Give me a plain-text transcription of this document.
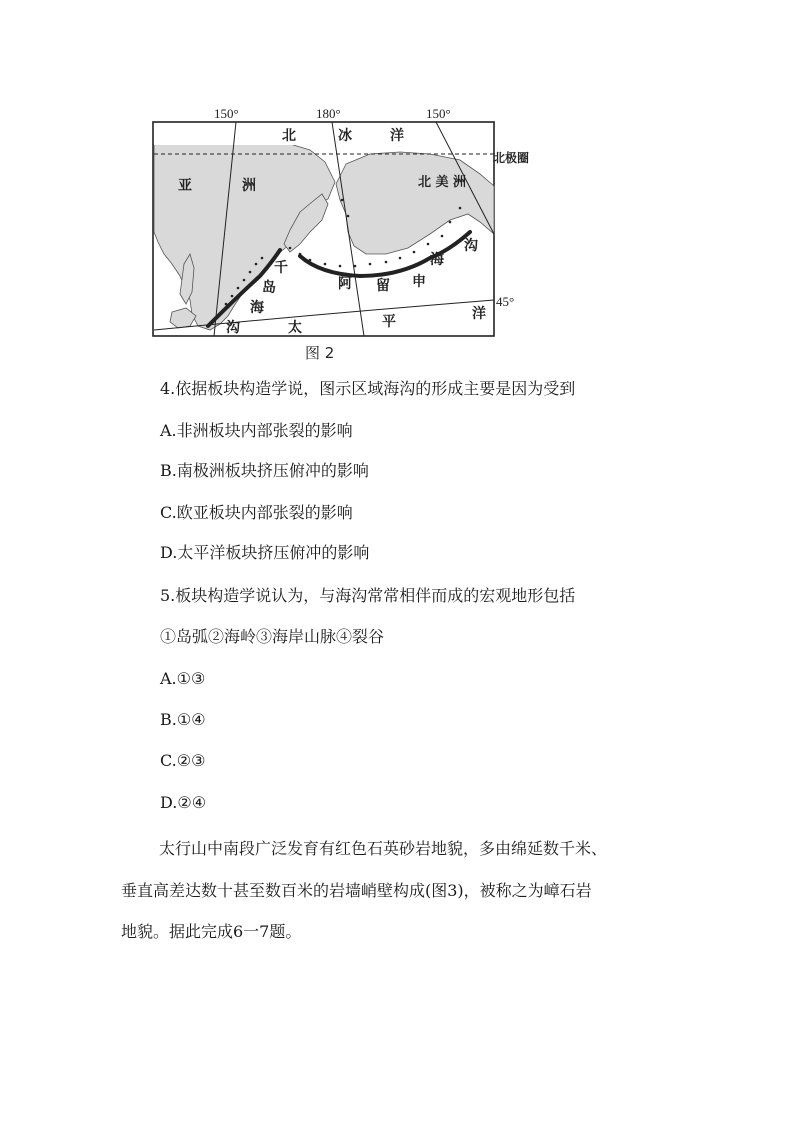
150°	180°	150°
45°
北极圈
北	冰	洋
亚	洲	北 美 洲
千
岛
海
沟
阿 留 申
海
沟
太	平	洋
图 2
4.依据板块构造学说，图示区域海沟的形成主要是因为受到
A.非洲板块内部张裂的影响
B.南极洲板块挤压俯冲的影响
C.欧亚板块内部张裂的影响
D.太平洋板块挤压俯冲的影响
5.板块构造学说认为，与海沟常常相伴而成的宏观地形包括
①岛弧②海岭③海岸山脉④裂谷
A.①③
B.①④
C.②③
D.②④
太行山中南段广泛发育有红色石英砂岩地貌，多由绵延数千米、
垂直高差达数十甚至数百米的岩墙峭壁构成(图3)，被称之为嶂石岩
地貌。据此完成6一7题。
